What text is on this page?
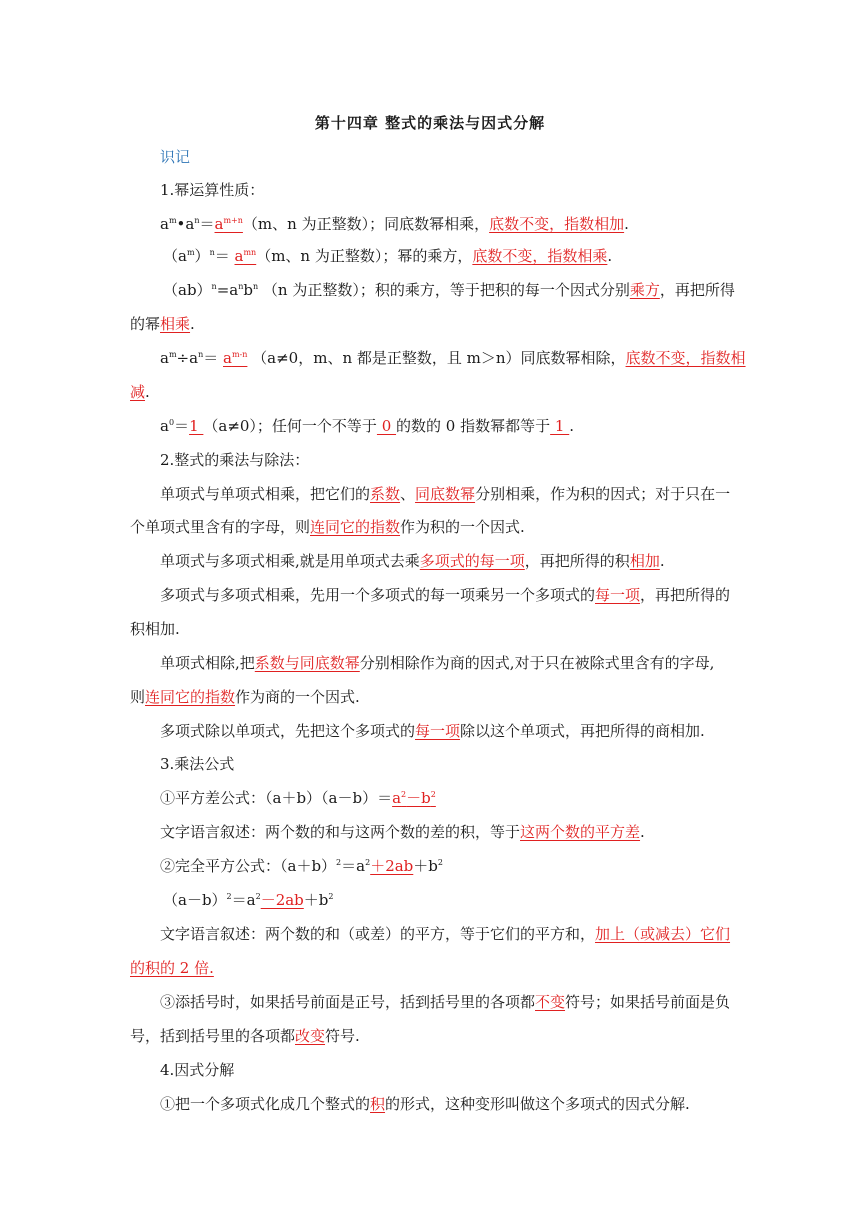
第十四章 整式的乘法与因式分解
识记
1.幂运算性质：
$a^m•a^n=a^{m+n}(m$、n 为正整数）；同底数幂相乘，底数不变，指数相加.
$(a^m)^n= a^{mn}(m$、n 为正整数）；幂的乘方，底数不变，指数相乘.
$(ab)^n=a^nb^n$ （n 为正整数）；积的乘方，等于把积的每一个因式分别乘方，再把所得
的幂相乘.
$a^m\div a^n= a^{m-n}$ （a≠0，m、n 都是正整数，且 m＞n）同底数幂相除，底数不变，指数相
减.
$a^0=1$ （a≠0）；任何一个不等于 0 的数的 0 指数幂都等于 1 .
2.整式的乘法与除法：
单项式与单项式相乘，把它们的系数、同底数幂分别相乘，作为积的因式；对于只在一
个单项式里含有的字母，则连同它的指数作为积的一个因式.
单项式与多项式相乘,就是用单项式去乘多项式的每一项，再把所得的积相加.
多项式与多项式相乘，先用一个多项式的每一项乘另一个多项式的每一项，再把所得的
积相加.
单项式相除,把系数与同底数幂分别相除作为商的因式,对于只在被除式里含有的字母,
则连同它的指数作为商的一个因式.
多项式除以单项式，先把这个多项式的每一项除以这个单项式，再把所得的商相加.
3.乘法公式
①平方差公式：$(a+b)(a-b)=a^2-b^2$
文字语言叙述：两个数的和与这两个数的差的积，等于这两个数的平方差.
②完全平方公式：$(a+b)^2=a^2+2ab+b^2$
$(a-b)^2=a^2-2ab+b^2$
文字语言叙述：两个数的和（或差）的平方，等于它们的平方和，加上（或减去）它们
的积的 2 倍.
③添括号时，如果括号前面是正号，括到括号里的各项都不变符号；如果括号前面是负
号，括到括号里的各项都改变符号.
4.因式分解
①把一个多项式化成几个整式的积的形式，这种变形叫做这个多项式的因式分解.
